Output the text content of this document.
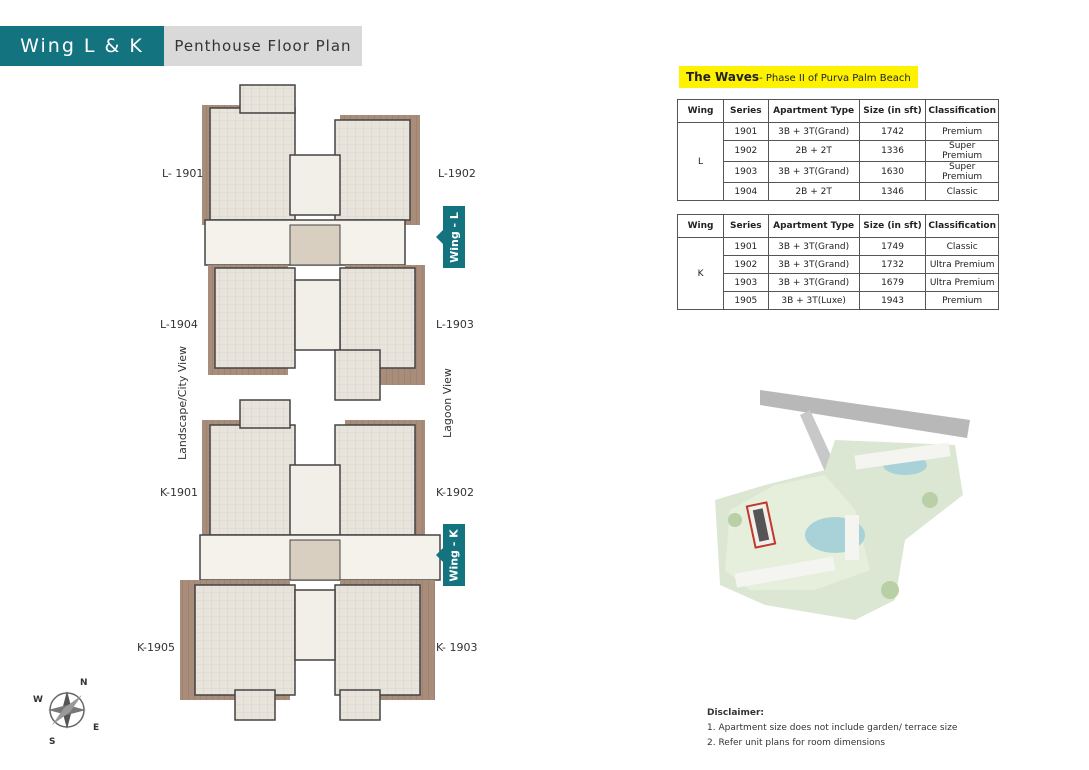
Wing L & K	Penthouse Floor Plan
L- 1901	L-1902
L-1904	L-1903
K-1901	K-1902
K-1905	K- 1903
Landscape/City View	Lagoon View
Wing - L
Wing - K
N
W
E
S
The Waves- Phase II of Purva Palm Beach
Wing	Series	Apartment Type	Size (in sft)	Classification
L	1901	3B + 3T(Grand)	1742	Premium
	1902	2B + 2T	1336	Super Premium
	1903	3B + 3T(Grand)	1630	Super Premium
	1904	2B + 2T	1346	Classic
Wing	Series	Apartment Type	Size (in sft)	Classification
K	1901	3B + 3T(Grand)	1749	Classic
	1902	3B + 3T(Grand)	1732	Ultra Premium
	1903	3B + 3T(Grand)	1679	Ultra Premium
	1905	3B + 3T(Luxe)	1943	Premium
Disclaimer:
1. Apartment size does not include garden/ terrace size
2. Refer unit plans for room dimensions
